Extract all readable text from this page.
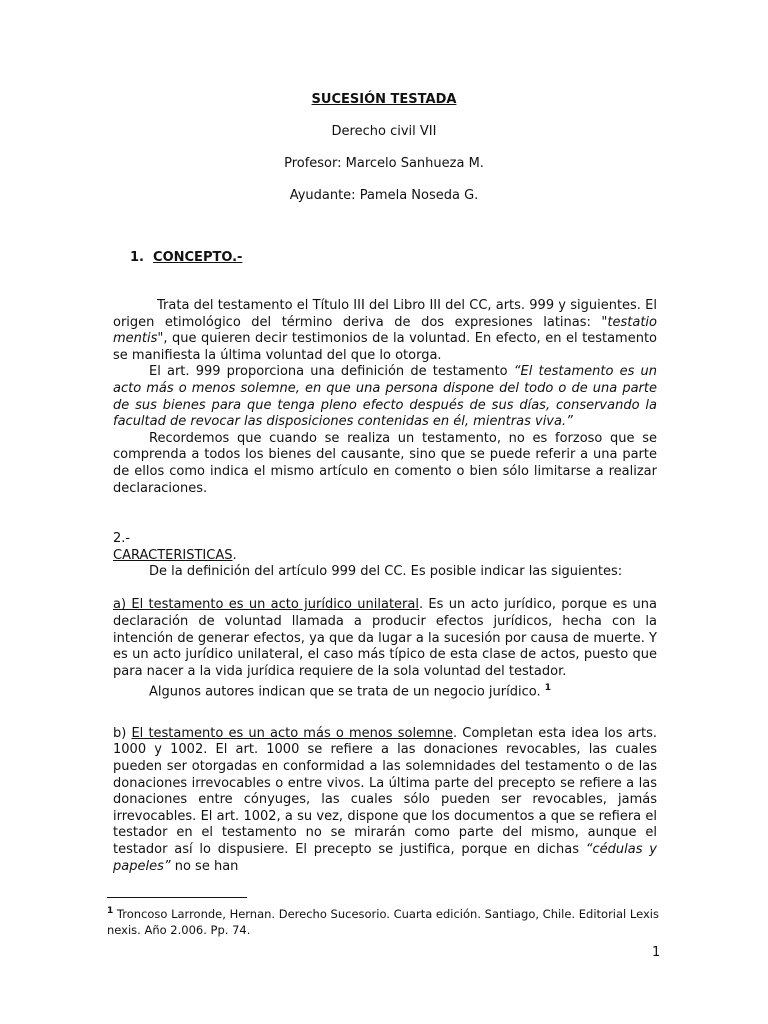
SUCESIÓN TESTADA
Derecho civil VII
Profesor: Marcelo Sanhueza M.
Ayudante: Pamela Noseda G.
1. CONCEPTO.-

Trata del testamento el Título III del Libro III del CC, arts. 999 y siguientes. El origen etimológico del término deriva de dos expresiones latinas: "testatio mentis", que quieren decir testimonios de la voluntad. En efecto, en el testamento se manifiesta la última voluntad del que lo otorga.

El art. 999 proporciona una definición de testamento “El testamento es un acto más o menos solemne, en que una persona dispone del todo o de una parte de sus bienes para que tenga pleno efecto después de sus días, conservando la facultad de revocar las disposiciones contenidas en él, mientras viva.”

Recordemos que cuando se realiza un testamento, no es forzoso que se comprenda a todos los bienes del causante, sino que se puede referir a una parte de ellos como indica el mismo artículo en comento o bien sólo limitarse a realizar declaraciones.

2.-

CARACTERISTICAS.

De la definición del artículo 999 del CC. Es posible indicar las siguientes:

a) El testamento es un acto jurídico unilateral. Es un acto jurídico, porque es una declaración de voluntad llamada a producir efectos jurídicos, hecha con la intención de generar efectos, ya que da lugar a la sucesión por causa de muerte. Y es un acto jurídico unilateral, el caso más típico de esta clase de actos, puesto que para nacer a la vida jurídica requiere de la sola voluntad del testador.

Algunos autores indican que se trata de un negocio jurídico. $^1$

b) El testamento es un acto más o menos solemne. Completan esta idea los arts. 1000 y 1002. El art. 1000 se refiere a las donaciones revocables, las cuales pueden ser otorgadas en conformidad a las solemnidades del testamento o de las donaciones irrevocables o entre vivos. La última parte del precepto se refiere a las donaciones entre cónyuges, las cuales sólo pueden ser revocables, jamás irrevocables. El art. 1002, a su vez, dispone que los documentos a que se refiera el testador en el testamento no se mirarán como parte del mismo, aunque el testador así lo dispusiere. El precepto se justifica, porque en dichas “cédulas y papeles” no se han

$^1$ Troncoso Larronde, Hernan. Derecho Sucesorio. Cuarta edición. Santiago, Chile. Editorial Lexis nexis. Año 2.006. Pp. 74.
1
